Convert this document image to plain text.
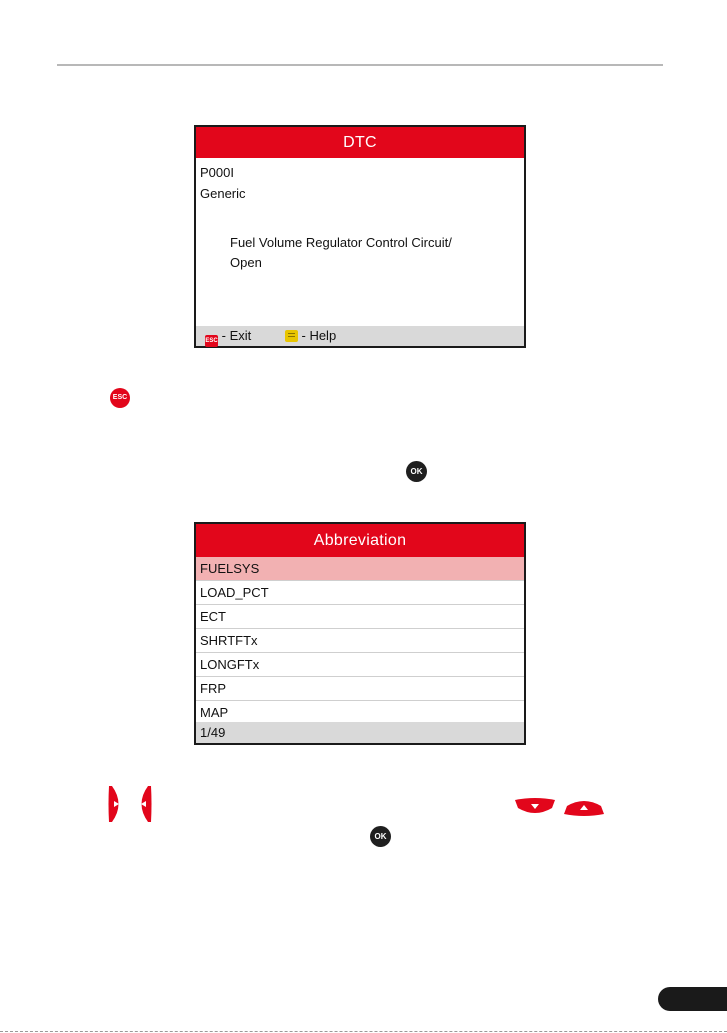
DTC
P000I
Generic
Fuel Volume Regulator Control Circuit/
Open
ESC - Exit	- Help
ESC
OK
Abbreviation
FUELSYS
LOAD_PCT
ECT
SHRTFTx
LONGFTx
FRP
MAP
1/49
OK
